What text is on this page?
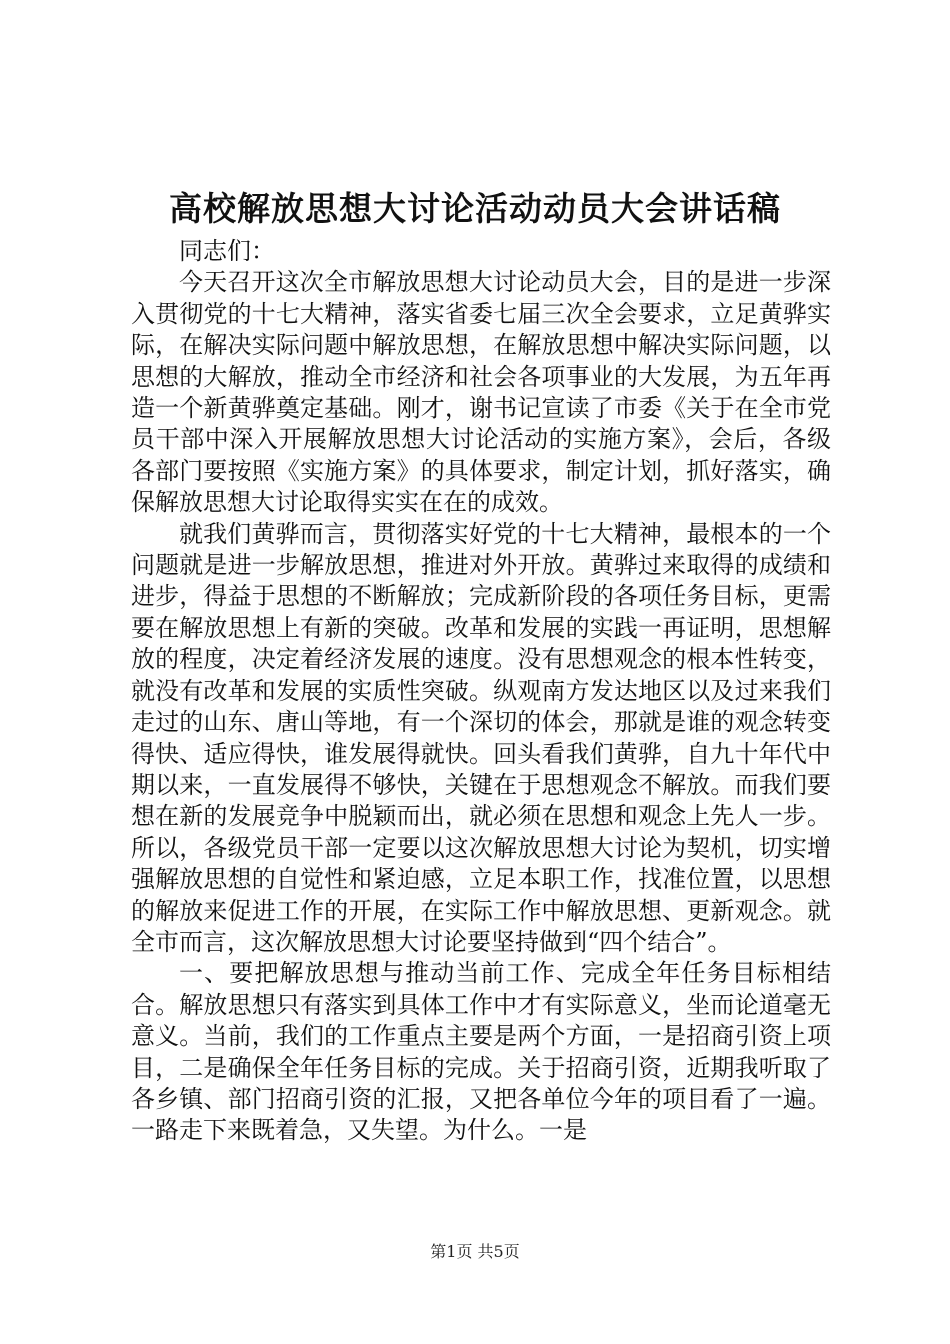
高校解放思想大讨论活动动员大会讲话稿

同志们：

今天召开这次全市解放思想大讨论动员大会，目的是进一步深入贯彻党的十七大精神，落实省委七届三次全会要求，立足黄骅实际，在解决实际问题中解放思想，在解放思想中解决实际问题，以思想的大解放，推动全市经济和社会各项事业的大发展，为五年再造一个新黄骅奠定基础。刚才，谢书记宣读了市委《关于在全市党员干部中深入开展解放思想大讨论活动的实施方案》，会后，各级各部门要按照《实施方案》的具体要求，制定计划，抓好落实，确保解放思想大讨论取得实实在在的成效。

就我们黄骅而言，贯彻落实好党的十七大精神，最根本的一个问题就是进一步解放思想，推进对外开放。黄骅过来取得的成绩和进步，得益于思想的不断解放；完成新阶段的各项任务目标，更需要在解放思想上有新的突破。改革和发展的实践一再证明，思想解放的程度，决定着经济发展的速度。没有思想观念的根本性转变，就没有改革和发展的实质性突破。纵观南方发达地区以及过来我们走过的山东、唐山等地，有一个深切的体会，那就是谁的观念转变得快、适应得快，谁发展得就快。回头看我们黄骅，自九十年代中期以来，一直发展得不够快，关键在于思想观念不解放。而我们要想在新的发展竞争中脱颖而出，就必须在思想和观念上先人一步。所以，各级党员干部一定要以这次解放思想大讨论为契机，切实增强解放思想的自觉性和紧迫感，立足本职工作，找准位置，以思想的解放来促进工作的开展，在实际工作中解放思想、更新观念。就全市而言，这次解放思想大讨论要坚持做到“四个结合”。

一、要把解放思想与推动当前工作、完成全年任务目标相结合。解放思想只有落实到具体工作中才有实际意义，坐而论道毫无意义。当前，我们的工作重点主要是两个方面，一是招商引资上项目，二是确保全年任务目标的完成。关于招商引资，近期我听取了各乡镇、部门招商引资的汇报，又把各单位今年的项目看了一遍。一路走下来既着急，又失望。为什么。一是

第1页 共5页
